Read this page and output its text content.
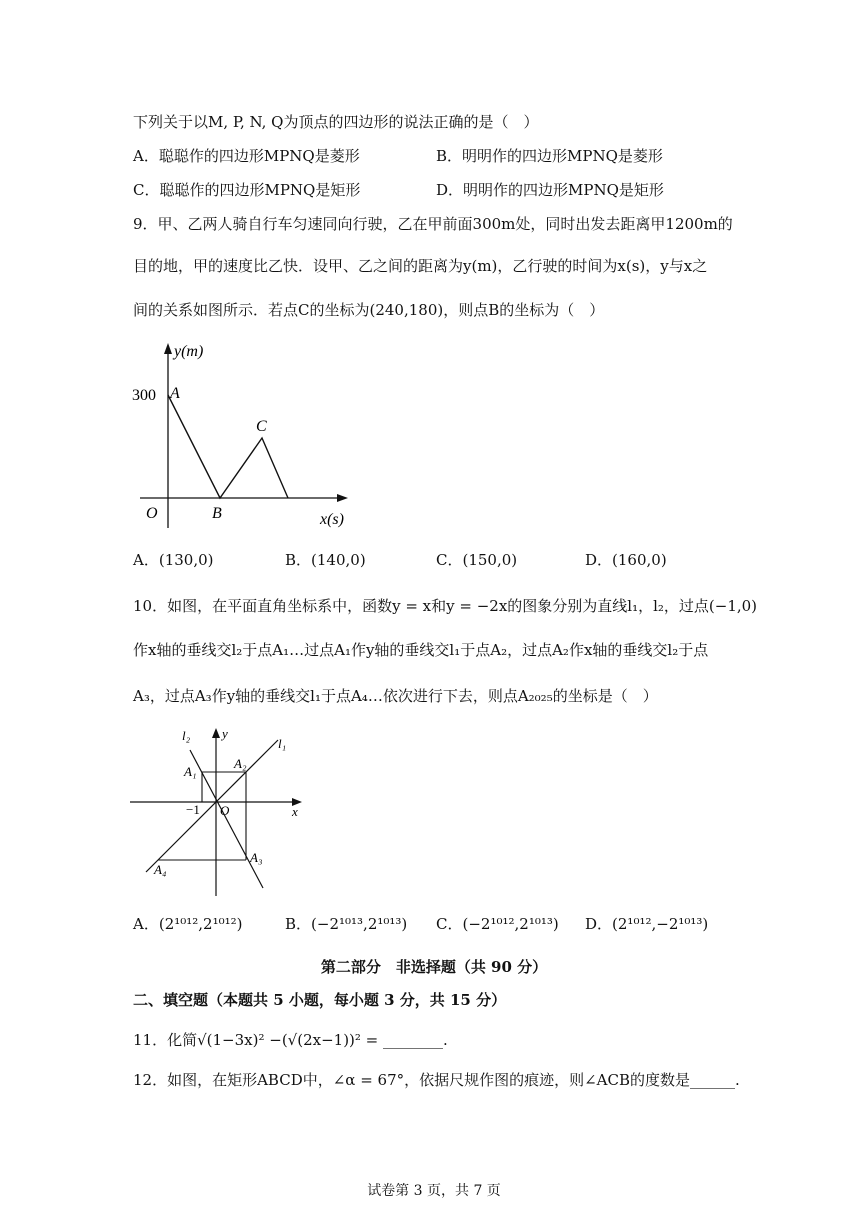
下列关于以M, P, N, Q为顶点的四边形的说法正确的是（　）
A．聪聪作的四边形MPNQ是菱形	B．明明作的四边形MPNQ是菱形
C．聪聪作的四边形MPNQ是矩形	D．明明作的四边形MPNQ是矩形
9．甲、乙两人骑自行车匀速同向行驶，乙在甲前面300m处，同时出发去距离甲1200m的
目的地，甲的速度比乙快．设甲、乙之间的距离为y(m)，乙行驶的时间为x(s)，y与x之
间的关系如图所示．若点C的坐标为(240,180)，则点B的坐标为（　）
y(m)
300 A
C
B
O	x(s)
A．(130,0)	B．(140,0)	C．(150,0)	D．(160,0)
10．如图，在平面直角坐标系中，函数y = x和y = −2x的图象分别为直线l₁，l₂，过点(−1,0)
作x轴的垂线交l₂于点A₁…过点A₁作y轴的垂线交l₁于点A₂，过点A₂作x轴的垂线交l₂于点
A₃，过点A₃作y轴的垂线交l₁于点A₄…依次进行下去，则点A₂₀₂₅的坐标是（　）
l₂ y
l₁
A₁
A₂
−1 O	x
A₃
A₄
A．(2¹⁰¹²,2¹⁰¹²)	B．(−2¹⁰¹³,2¹⁰¹³) C．(−2¹⁰¹²,2¹⁰¹³) D．(2¹⁰¹²,−2¹⁰¹³)
第二部分　非选择题（共 90 分）
二、填空题（本题共 5 小题，每小题 3 分，共 15 分）
11．化简√(1−3x)² −(√(2x−1))² = ________.
12．如图，在矩形ABCD中，∠α = 67°，依据尺规作图的痕迹，则∠ACB的度数是______.
试卷第 3 页，共 7 页
